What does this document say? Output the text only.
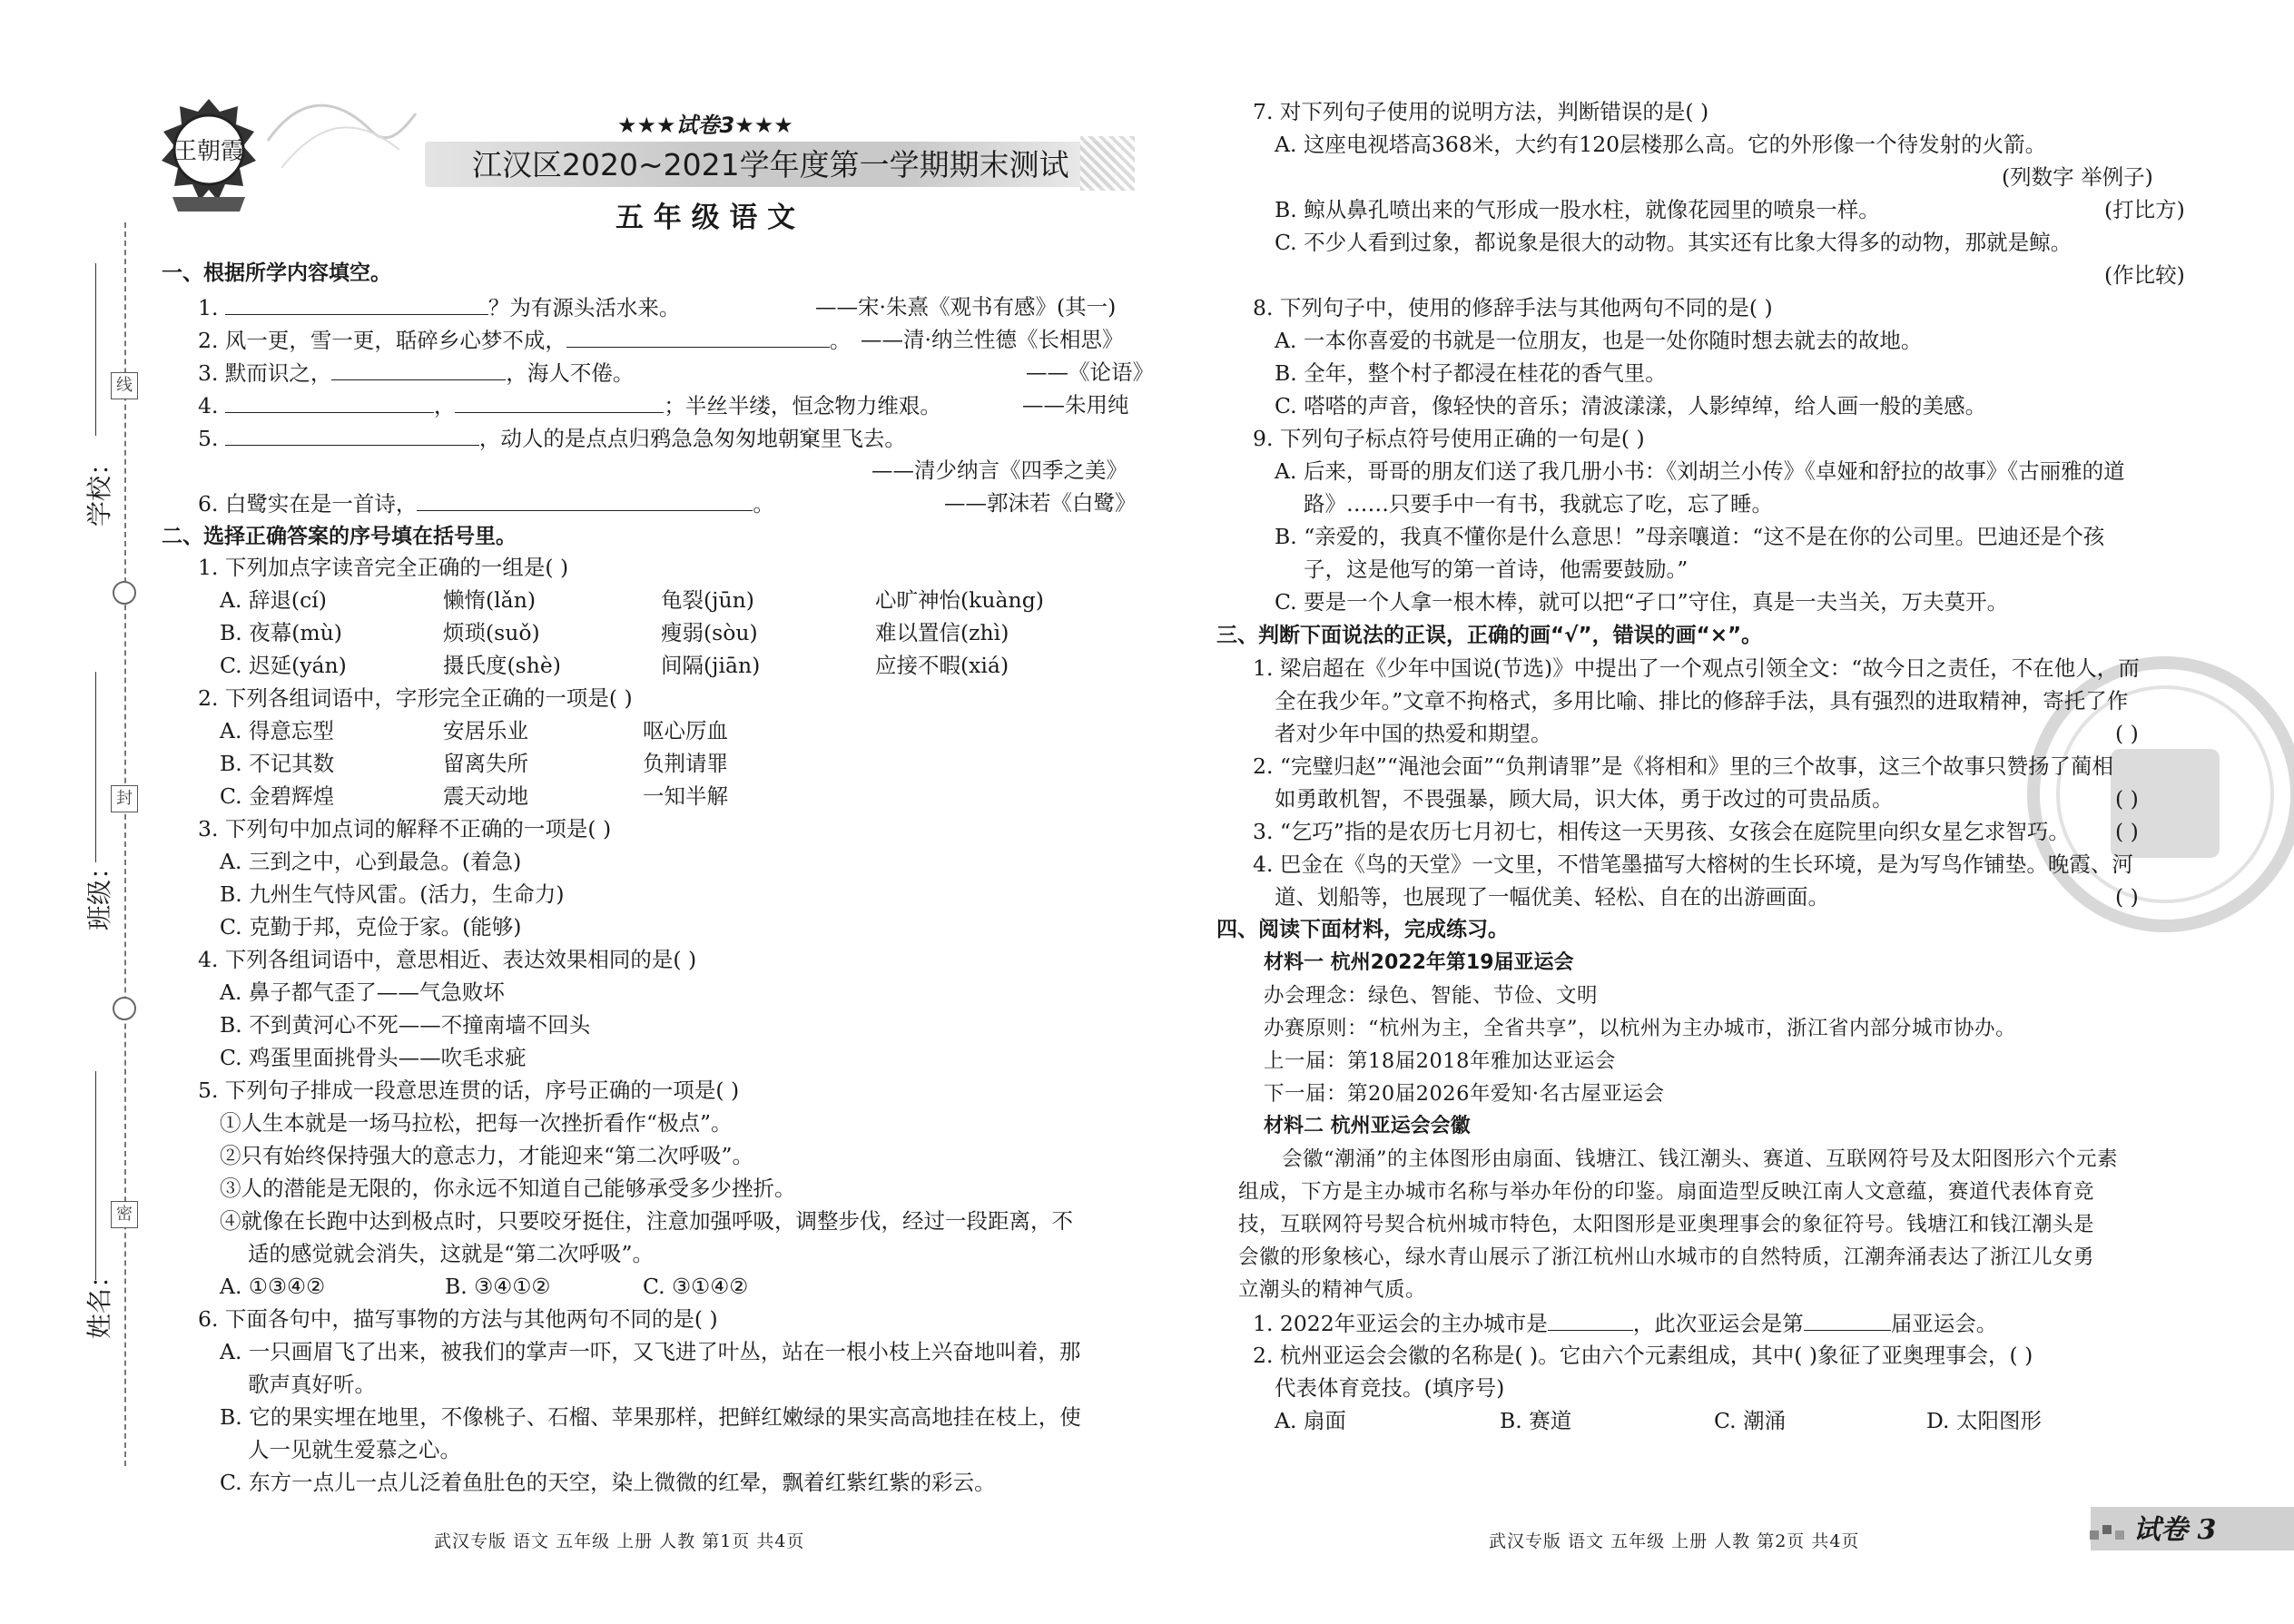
线
封
密
学校：
班级：
姓名：
王朝霞
★★★试卷3★★★
江汉区2020~2021学年度第一学期期末测试
五 年 级 语 文
一、根据所学内容填空。
1.	？为有源头活水来。	——宋·朱熹《观书有感》(其一)
2. 风一更，雪一更，聒碎乡心梦不成，	。 ——清·纳兰性德《长相思》
3. 默而识之，	，海人不倦。	——《论语》
4.	，	；半丝半缕，恒念物力维艰。	——朱用纯
5.	，动人的是点点归鸦急急匆匆地朝窠里飞去。
——清少纳言《四季之美》
6. 白鹭实在是一首诗，	。	——郭沫若《白鹭》
二、选择正确答案的序号填在括号里。
1. 下列加点字读音完全正确的一组是( )
A. 辞退(cí)	懒惰(lǎn)	龟裂(jūn)	心旷神怡(kuàng)
B. 夜幕(mù)	烦琐(suǒ)	瘦弱(sòu)	难以置信(zhì)
C. 迟延(yán)	摄氏度(shè)	间隔(jiān)	应接不暇(xiá)
2. 下列各组词语中，字形完全正确的一项是( )
A. 得意忘型	安居乐业	呕心厉血
B. 不记其数	留离失所	负荆请罪
C. 金碧辉煌	震天动地	一知半解
3. 下列句中加点词的解释不正确的一项是( )
A. 三到之中，心到最急。(着急)
B. 九州生气恃风雷。(活力，生命力)
C. 克勤于邦，克俭于家。(能够)
4. 下列各组词语中，意思相近、表达效果相同的是( )
A. 鼻子都气歪了——气急败坏
B. 不到黄河心不死——不撞南墙不回头
C. 鸡蛋里面挑骨头——吹毛求疵
5. 下列句子排成一段意思连贯的话，序号正确的一项是( )
①人生本就是一场马拉松，把每一次挫折看作“极点”。
②只有始终保持强大的意志力，才能迎来“第二次呼吸”。
③人的潜能是无限的，你永远不知道自己能够承受多少挫折。
④就像在长跑中达到极点时，只要咬牙挺住，注意加强呼吸，调整步伐，经过一段距离，不
适的感觉就会消失，这就是“第二次呼吸”。
A. ①③④②	B. ③④①②	C. ③①④②
6. 下面各句中，描写事物的方法与其他两句不同的是( )
A. 一只画眉飞了出来，被我们的掌声一吓，又飞进了叶丛，站在一根小枝上兴奋地叫着，那
歌声真好听。
B. 它的果实埋在地里，不像桃子、石榴、苹果那样，把鲜红嫩绿的果实高高地挂在枝上，使
人一见就生爱慕之心。
C. 东方一点儿一点儿泛着鱼肚色的天空，染上微微的红晕，飘着红紫红紫的彩云。
武汉专版 语文 五年级 上册 人教 第1页 共4页
7. 对下列句子使用的说明方法，判断错误的是( )
A. 这座电视塔高368米，大约有120层楼那么高。它的外形像一个待发射的火箭。
(列数字 举例子)
B. 鲸从鼻孔喷出来的气形成一股水柱，就像花园里的喷泉一样。	(打比方)
C. 不少人看到过象，都说象是很大的动物。其实还有比象大得多的动物，那就是鲸。
(作比较)
8. 下列句子中，使用的修辞手法与其他两句不同的是( )
A. 一本你喜爱的书就是一位朋友，也是一处你随时想去就去的故地。
B. 全年，整个村子都浸在桂花的香气里。
C. 嗒嗒的声音，像轻快的音乐；清波漾漾，人影绰绰，给人画一般的美感。
9. 下列句子标点符号使用正确的一句是( )
A. 后来，哥哥的朋友们送了我几册小书：《刘胡兰小传》《卓娅和舒拉的故事》《古丽雅的道
路》……只要手中一有书，我就忘了吃，忘了睡。
B. “亲爱的，我真不懂你是什么意思！”母亲嚷道：“这不是在你的公司里。巴迪还是个孩
子，这是他写的第一首诗，他需要鼓励。”
C. 要是一个人拿一根木棒，就可以把“孑口”守住，真是一夫当关，万夫莫开。
三、判断下面说法的正误，正确的画“√”，错误的画“×”。
1. 梁启超在《少年中国说(节选)》中提出了一个观点引领全文：“故今日之责任，不在他人，而
全在我少年。”文章不拘格式，多用比喻、排比的修辞手法，具有强烈的进取精神，寄托了作
者对少年中国的热爱和期望。	( )
2. “完璧归赵”“渑池会面”“负荆请罪”是《将相和》里的三个故事，这三个故事只赞扬了蔺相
如勇敢机智，不畏强暴，顾大局，识大体，勇于改过的可贵品质。	( )
3. “乞巧”指的是农历七月初七，相传这一天男孩、女孩会在庭院里向织女星乞求智巧。 ( )
4. 巴金在《鸟的天堂》一文里，不惜笔墨描写大榕树的生长环境，是为写鸟作铺垫。晚霞、河
道、划船等，也展现了一幅优美、轻松、自在的出游画面。	( )
四、阅读下面材料，完成练习。
材料一 杭州2022年第19届亚运会
办会理念：绿色、智能、节俭、文明
办赛原则：“杭州为主，全省共享”，以杭州为主办城市，浙江省内部分城市协办。
上一届：第18届2018年雅加达亚运会
下一届：第20届2026年爱知·名古屋亚运会
材料二 杭州亚运会会徽
会徽“潮涌”的主体图形由扇面、钱塘江、钱江潮头、赛道、互联网符号及太阳图形六个元素
组成，下方是主办城市名称与举办年份的印鉴。扇面造型反映江南人文意蕴，赛道代表体育竞
技，互联网符号契合杭州城市特色，太阳图形是亚奥理事会的象征符号。钱塘江和钱江潮头是
会徽的形象核心，绿水青山展示了浙江杭州山水城市的自然特质，江潮奔涌表达了浙江儿女勇
立潮头的精神气质。
1. 2022年亚运会的主办城市是	，此次亚运会是第	届亚运会。
2. 杭州亚运会会徽的名称是( )。它由六个元素组成，其中( )象征了亚奥理事会，( )
代表体育竞技。(填序号)
A. 扇面	B. 赛道	C. 潮涌	D. 太阳图形
武汉专版 语文 五年级 上册 人教 第2页 共4页	试卷 3
